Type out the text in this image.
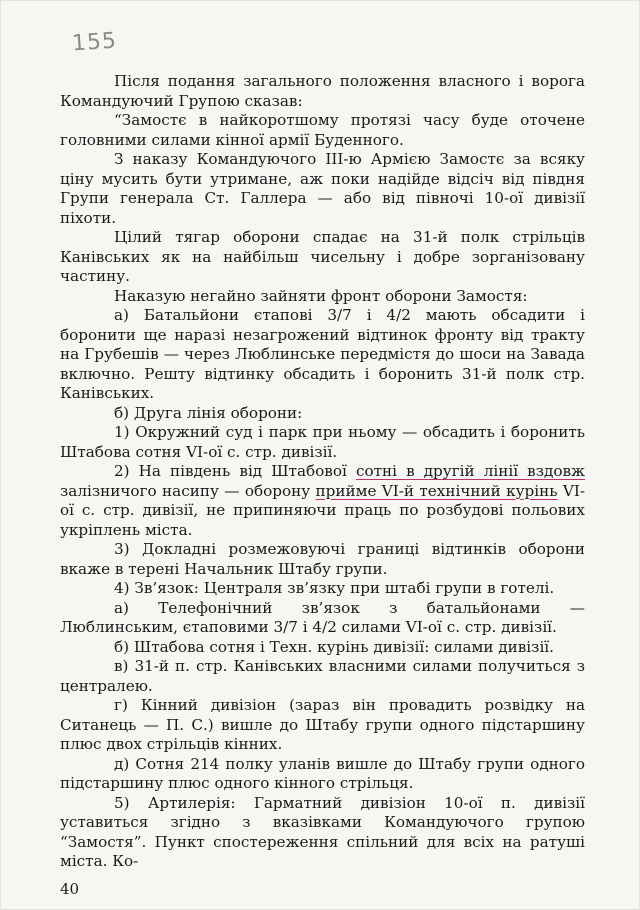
155

Після подання загального положення власного і ворога Командуючий Групою сказав:

“Замостє в найкоротшому протязі часу буде оточене головними силами кінної армії Буденного.

З наказу Командуючого ІІІ-ю Армією Замостє за всяку ціну мусить бути утримане, аж поки надійде відсіч від півдня Групи генерала Ст. Галлера — або від півночі 10-ої дивізії піхоти.

Цілий тягар оборони спадає на 31-й полк стрільців Канівських як на найбільш чисельну і добре зорганізовану частину.

Наказую негайно зайняти фронт оборони Замостя:

а) Батальйони єтапові 3/7 і 4/2 мають обсадити і боронити ще наразі незагрожений відтинок фронту від тракту на Грубешів — через Люблинське передмістя до шоси на Завада включно. Решту відтинку обсадить і боронить 31-й полк стр. Канівських.

б) Друга лінія оборони:

1) Окружний суд і парк при ньому — обсадить і боронить Штабова сотня VI-ої с. стр. дивізії.

2) На південь від Штабової сотні в другій лінії вздовж залізничого насипу — оборону прийме VI-й технічний курінь VI-ої с. стр. дивізії, не припиняючи праць по розбудові польових укріплень міста.

3) Докладні розмежовуючі границі відтинків оборони вкаже в терені Начальник Штабу групи.

4) Зв’язок: Централя зв’язку при штабі групи в готелі.

а) Телефонічний зв’язок з батальйонами — Люблинським, єтаповими 3/7 і 4/2 силами VI-ої с. стр. дивізії.

б) Штабова сотня і Техн. курінь дивізії: силами дивізії.

в) 31-й п. стр. Канівських власними силами получиться з централею.

г) Кінний дивізіон (зараз він провадить розвідку на Ситанець — П. С.) вишле до Штабу групи одного підстаршину плюс двох стрільців кінних.

д) Сотня 214 полку уланів вишле до Штабу групи одного підстаршину плюс одного кінного стрільця.

5) Артилерія: Гарматний дивізіон 10-ої п. дивізії уставиться згідно з вказівками Командуючого групою “Замостя”. Пункт спостереження спільний для всіх на ратуші міста. Ко-

40
